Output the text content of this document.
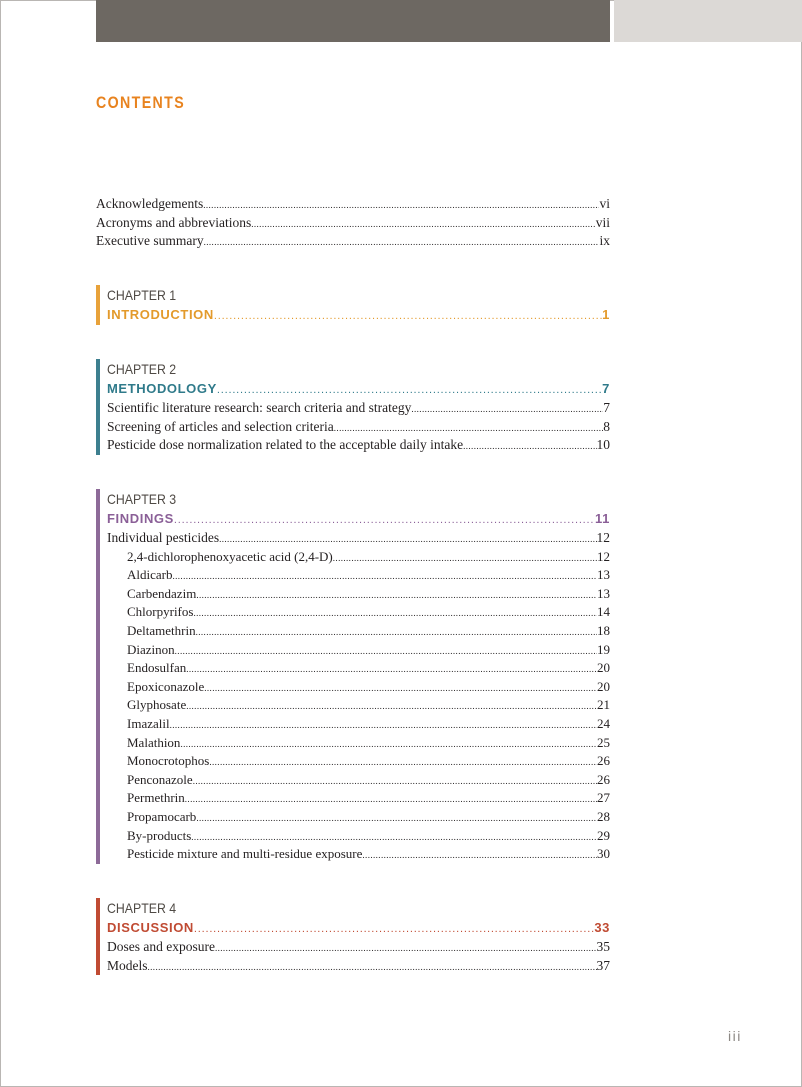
CONTENTS
Acknowledgements .....	vi
Acronyms and abbreviations .....	vii
Executive summary .....	ix
CHAPTER 1
INTRODUCTION .....	1
CHAPTER 2
METHODOLOGY .....	7
Scientific literature research: search criteria and strategy .....	7
Screening of articles and selection criteria .....	8
Pesticide dose normalization related to the acceptable daily intake .....	10
CHAPTER 3
FINDINGS .....	11
Individual pesticides .....	12
2,4-dichlorophenoxyacetic acid (2,4-D) .....	12
Aldicarb .....	13
Carbendazim .....	13
Chlorpyrifos .....	14
Deltamethrin .....	18
Diazinon .....	19
Endosulfan .....	20
Epoxiconazole .....	20
Glyphosate .....	21
Imazalil .....	24
Malathion .....	25
Monocrotophos .....	26
Penconazole .....	26
Permethrin .....	27
Propamocarb .....	28
By-products .....	29
Pesticide mixture and multi-residue exposure .....	30
CHAPTER 4
DISCUSSION .....	33
Doses and exposure .....	35
Models .....	37
iii
